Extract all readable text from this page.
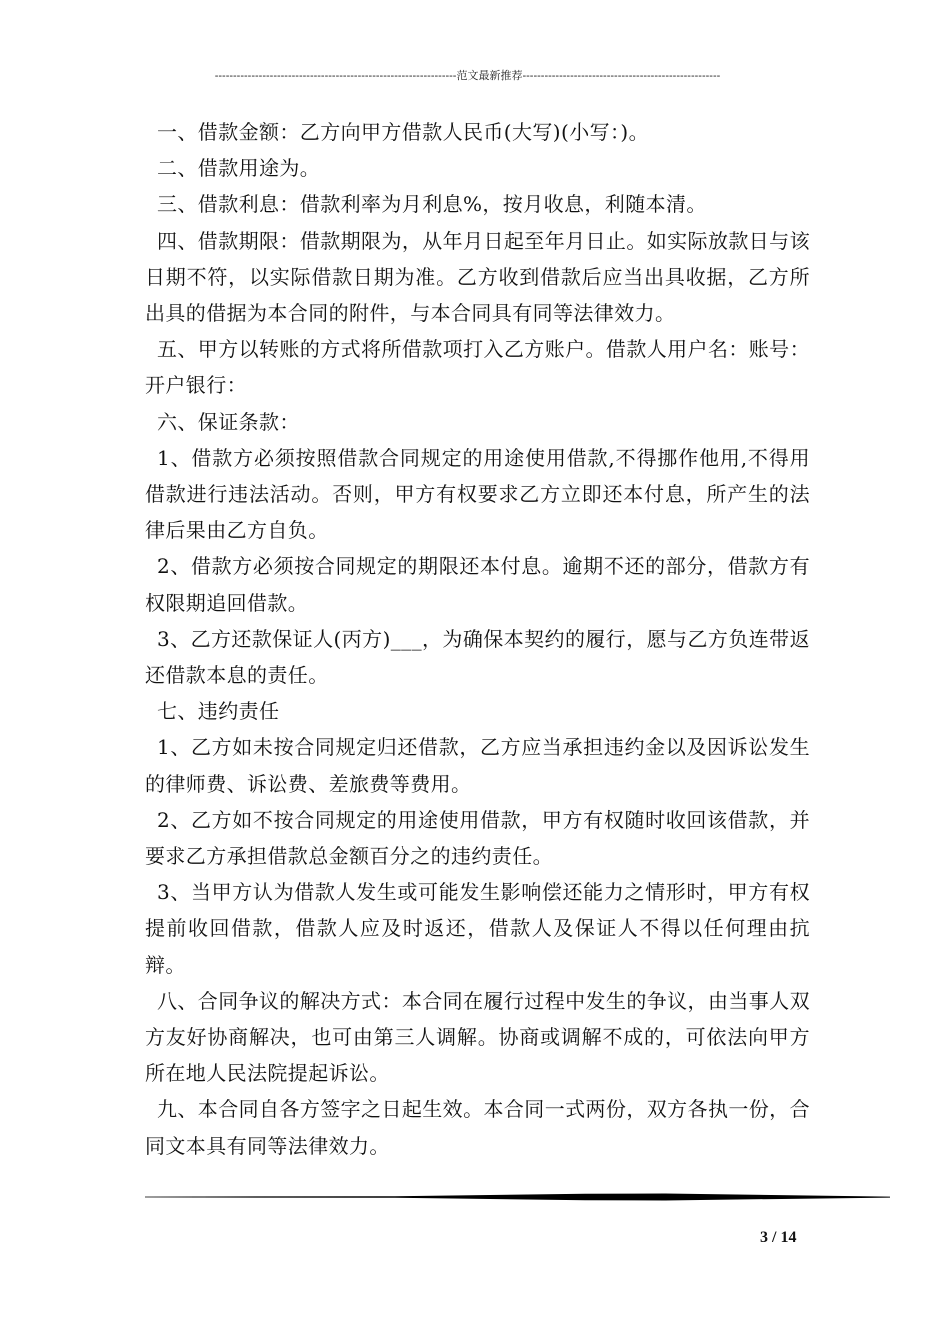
------------------------------------------------------------------范文最新推荐------------------------------------------------------

一、借款金额：乙方向甲方借款人民币(大写)(小写：)。

二、借款用途为。

三、借款利息：借款利率为月利息%，按月收息，利随本清。

四、借款期限：借款期限为，从年月日起至年月日止。如实际放款日与该日期不符，以实际借款日期为准。乙方收到借款后应当出具收据，乙方所出具的借据为本合同的附件，与本合同具有同等法律效力。

五、甲方以转账的方式将所借款项打入乙方账户。借款人用户名：账号：开户银行：

六、保证条款：

1、借款方必须按照借款合同规定的用途使用借款,不得挪作他用,不得用借款进行违法活动。否则，甲方有权要求乙方立即还本付息，所产生的法律后果由乙方自负。

2、借款方必须按合同规定的期限还本付息。逾期不还的部分，借款方有权限期追回借款。

3、乙方还款保证人(丙方)___，为确保本契约的履行，愿与乙方负连带返还借款本息的责任。

七、违约责任

1、乙方如未按合同规定归还借款，乙方应当承担违约金以及因诉讼发生的律师费、诉讼费、差旅费等费用。

2、乙方如不按合同规定的用途使用借款，甲方有权随时收回该借款，并要求乙方承担借款总金额百分之的违约责任。

3、当甲方认为借款人发生或可能发生影响偿还能力之情形时，甲方有权提前收回借款，借款人应及时返还，借款人及保证人不得以任何理由抗辩。

八、合同争议的解决方式：本合同在履行过程中发生的争议，由当事人双方友好协商解决，也可由第三人调解。协商或调解不成的，可依法向甲方所在地人民法院提起诉讼。

九、本合同自各方签字之日起生效。本合同一式两份，双方各执一份，合同文本具有同等法律效力。

3 / 14
